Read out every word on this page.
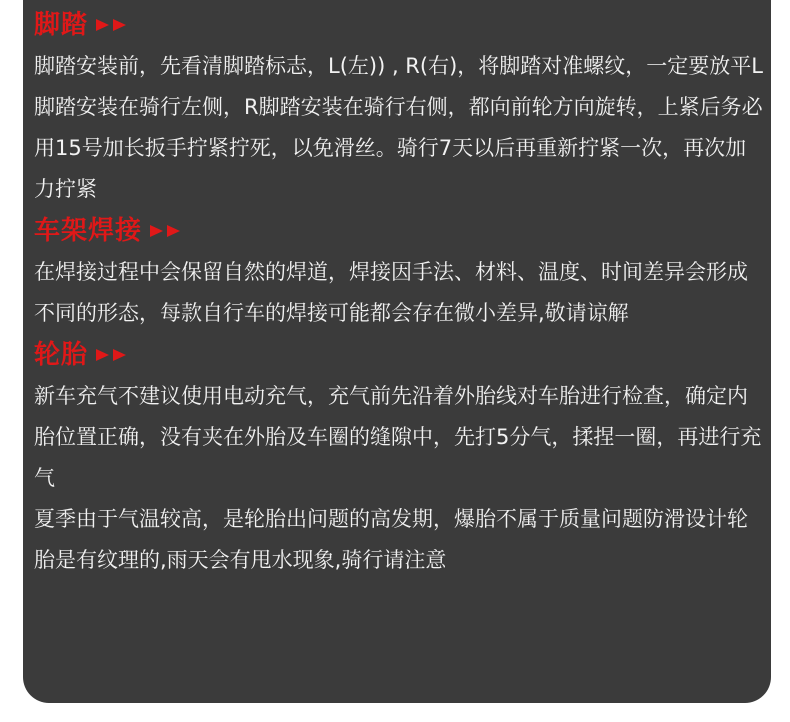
脚踏

脚踏安装前，先看清脚踏标志，L(左)) , R(右)，将脚踏对准螺纹，一定要放平L脚踏安装在骑行左侧，R脚踏安装在骑行右侧，都向前轮方向旋转，上紧后务必用15号加长扳手拧紧拧死，以免滑丝。骑行7天以后再重新拧紧一次，再次加力拧紧

车架焊接

在焊接过程中会保留自然的焊道，焊接因手法、材料、温度、时间差异会形成不同的形态，每款自行车的焊接可能都会存在微小差异,敬请谅解

轮胎

新车充气不建议使用电动充气，充气前先沿着外胎线对车胎进行检查，确定内胎位置正确，没有夹在外胎及车圈的缝隙中，先打5分气，揉捏一圈，再进行充气

夏季由于气温较高，是轮胎出问题的高发期，爆胎不属于质量问题防滑设计轮胎是有纹理的,雨天会有甩水现象,骑行请注意
